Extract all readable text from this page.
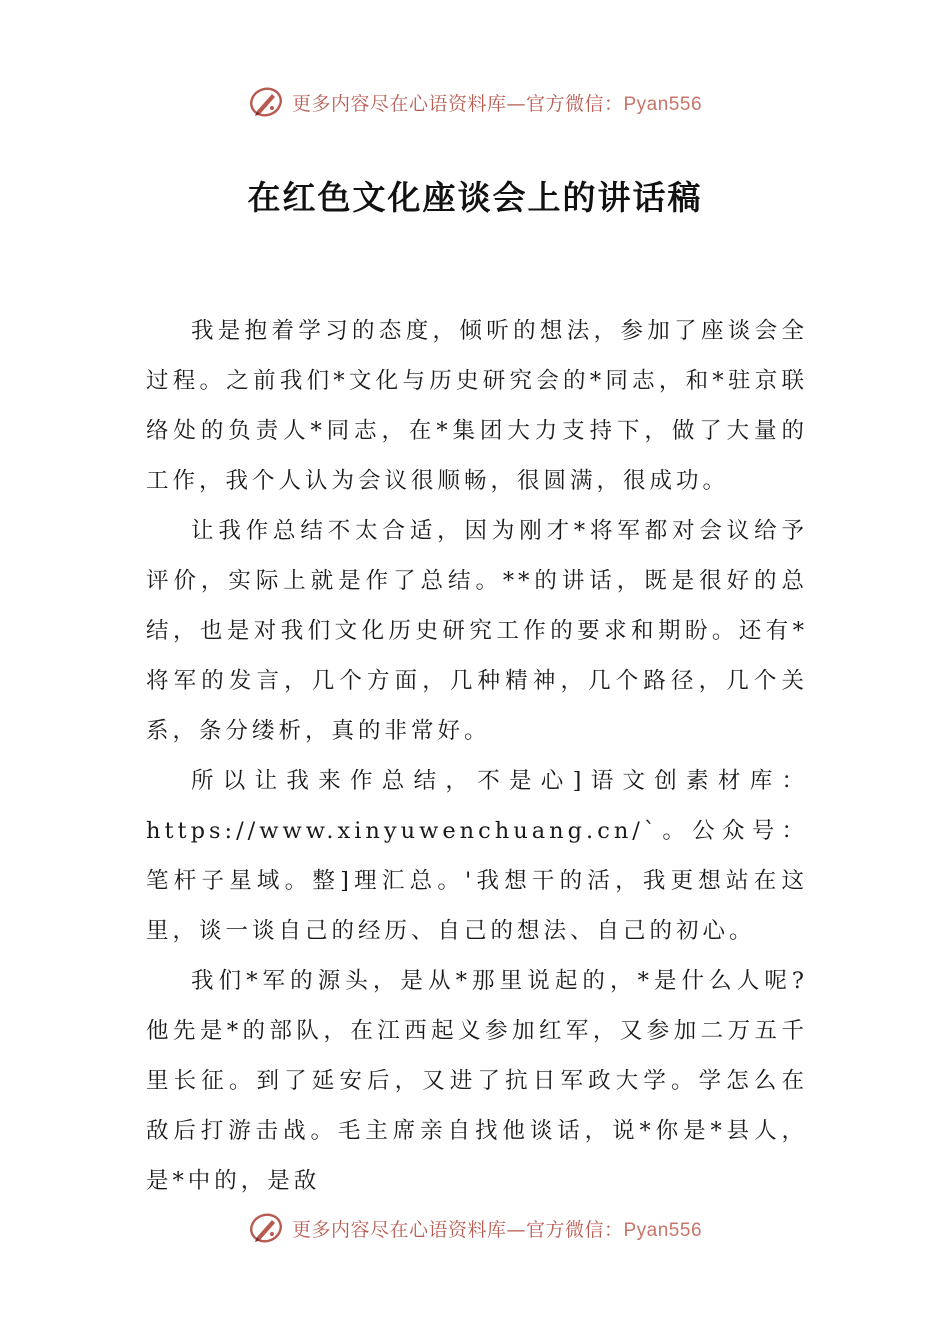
更多内容尽在心语资料库—官方微信：Pyan556
在红色文化座谈会上的讲话稿

我是抱着学习的态度，倾听的想法，参加了座谈会全过程。之前我们*文化与历史研究会的*同志，和*驻京联络处的负责人*同志，在*集团大力支持下，做了大量的工作，我个人认为会议很顺畅，很圆满，很成功。

让我作总结不太合适，因为刚才*将军都对会议给予评价，实际上就是作了总结。**的讲话，既是很好的总结，也是对我们文化历史研究工作的要求和期盼。还有*将军的发言，几个方面，几种精神，几个路径，几个关系，条分缕析，真的非常好。

所以让我来作总结，不是心]语文创素材库：https://www.xinyuwenchuang.cn/`。公众号：笔杆子星域。整]理汇总。'我想干的活，我更想站在这里，谈一谈自己的经历、自己的想法、自己的初心。

我们*军的源头，是从*那里说起的，*是什么人呢?他先是*的部队，在江西起义参加红军，又参加二万五千里长征。到了延安后，又进了抗日军政大学。学怎么在敌后打游击战。毛主席亲自找他谈话，说*你是*县人，是*中的，是敌

更多内容尽在心语资料库—官方微信：Pyan556
